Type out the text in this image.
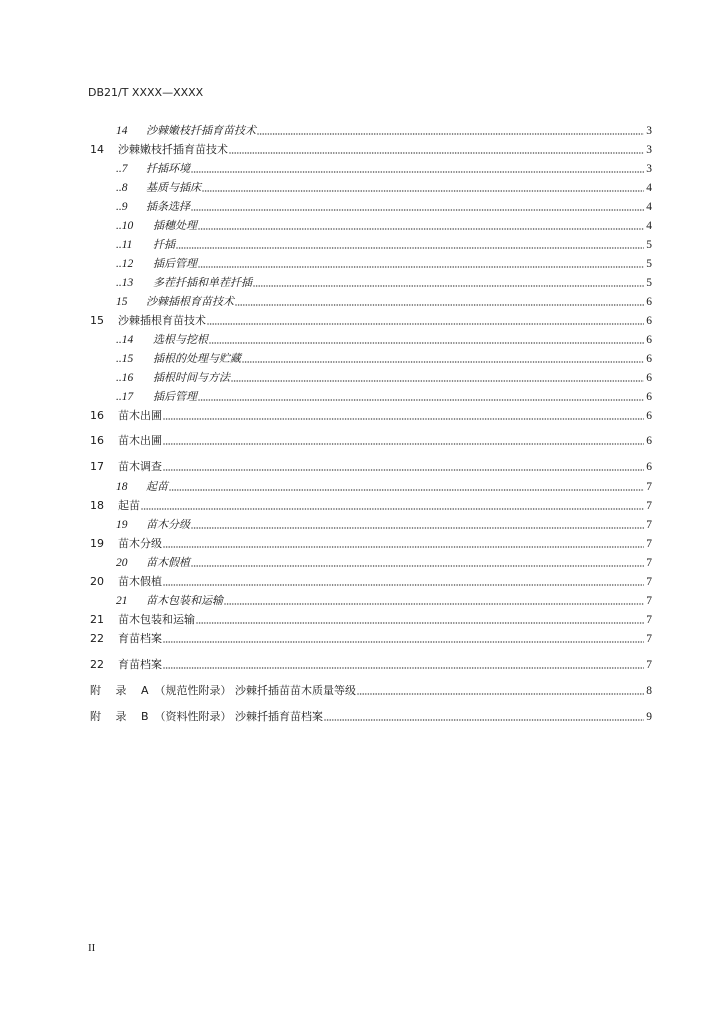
DB21/T XXXX—XXXX
14	沙棘嫩枝扦插育苗技术	3
14	沙棘嫩枝扦插育苗技术	3
..7	扦插环境	3
..8	基质与插床	4
..9	插条选择	4
..10	插穗处理	4
..11	扦插	5
..12	插后管理	5
..13	多茬扦插和单茬扦插	5
15	沙棘插根育苗技术	6
15	沙棘插根育苗技术	6
..14	选根与挖根	6
..15	插根的处理与贮藏	6
..16	插根时间与方法	6
..17	插后管理	6
16	苗木出圃	6
16	苗木出圃	6
17	苗木调查	6
18	起苗	7
18	起苗	7
19	苗木分级	7
19	苗木分级	7
20	苗木假植	7
20	苗木假植	7
21	苗木包装和运输	7
21	苗木包装和运输	7
22	育苗档案	7
22	育苗档案	7
附 录 A （规范性附录） 沙棘扦插苗苗木质量等级	8
附 录 B （资料性附录） 沙棘扦插育苗档案	9
II
